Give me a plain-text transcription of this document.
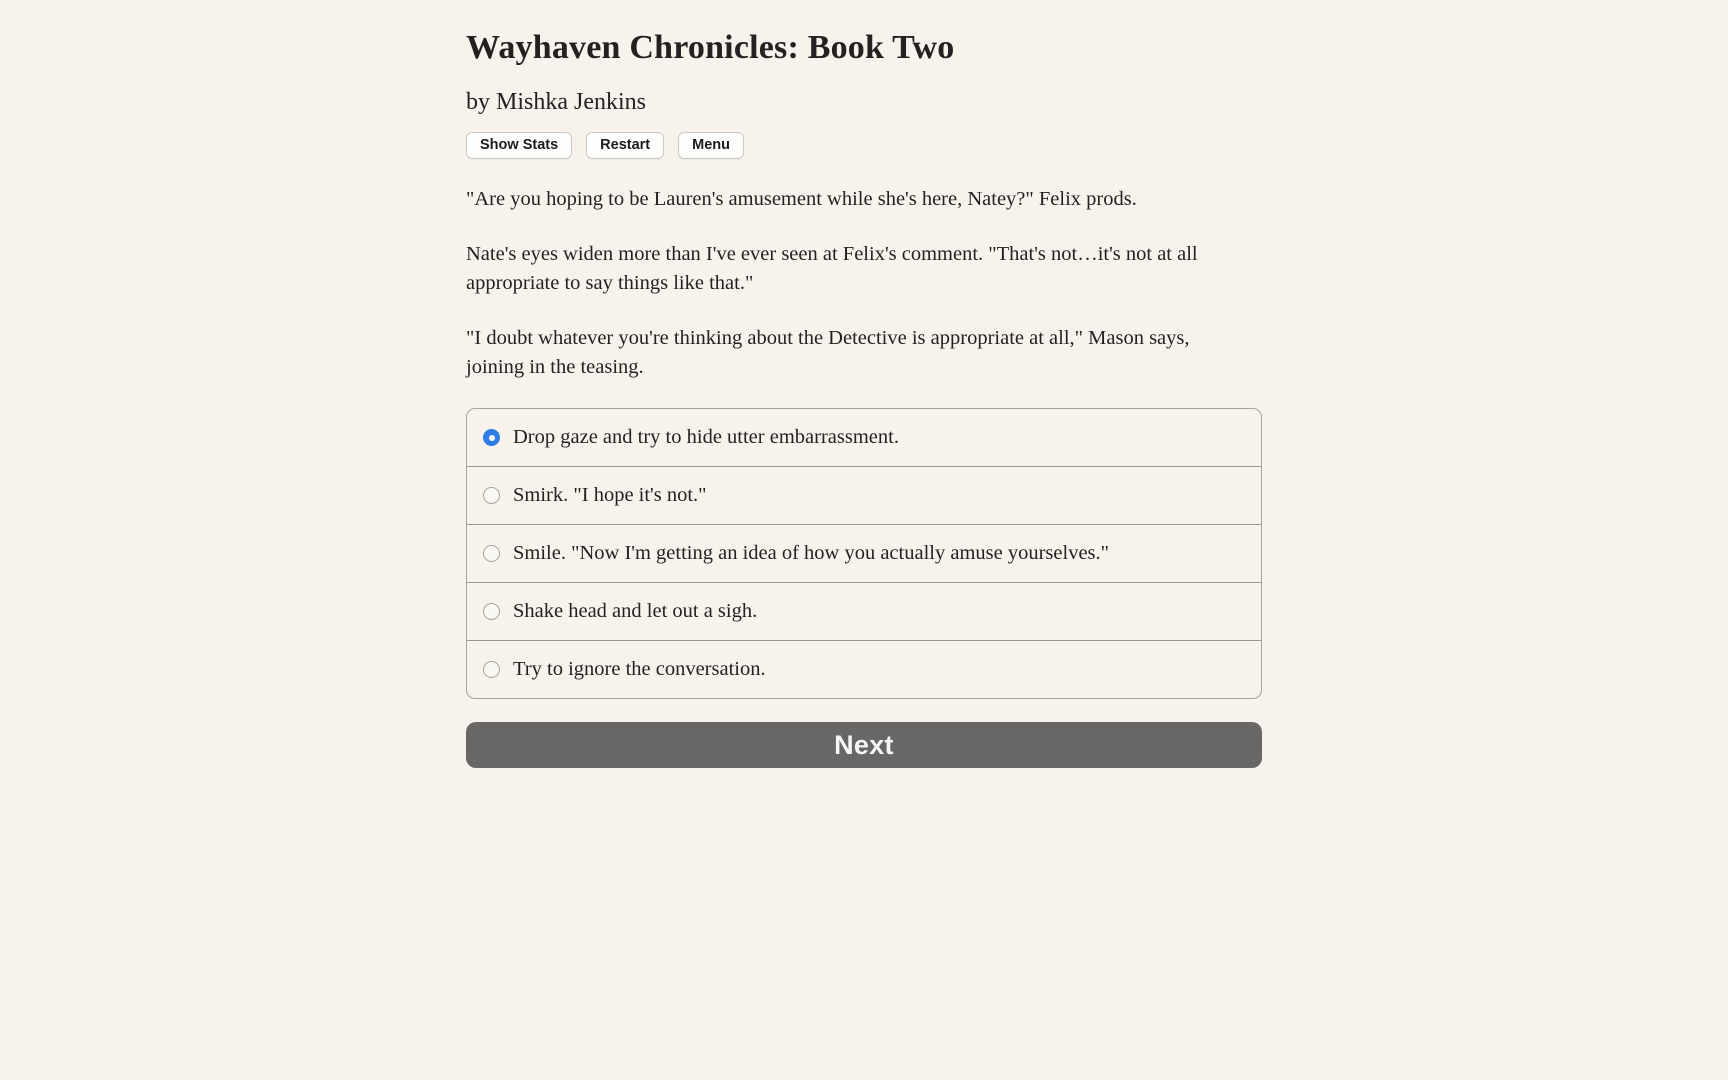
Wayhaven Chronicles: Book Two
by Mishka Jenkins
Show Stats	Restart	Menu

"Are you hoping to be Lauren's amusement while she's here, Natey?" Felix prods.

Nate's eyes widen more than I've ever seen at Felix's comment. "That's not…it's not at all appropriate to say things like that."

"I doubt whatever you're thinking about the Detective is appropriate at all," Mason says, joining in the teasing.

Drop gaze and try to hide utter embarrassment.
Smirk. "I hope it's not."
Smile. "Now I'm getting an idea of how you actually amuse yourselves."
Shake head and let out a sigh.
Try to ignore the conversation.
Next
